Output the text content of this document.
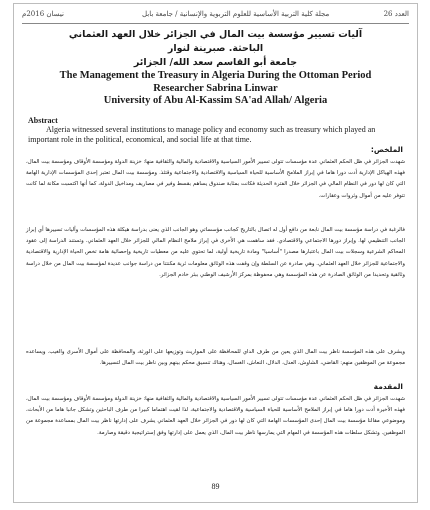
العدد 26
مجلة كلية التربية الأساسية للعلوم التربوية والإنسانية / جامعة بابل
نيسان 2016م
آليات تسيير مؤسسة بيت المال في الجزائر خلال العهد العثماني
الباحثة. صبرينة لنوار
جامعة أبو القاسم سعد الله/ الجزائر
The Management the Treasury in Algeria During the Ottoman Period
Researcher Sabrina Linwar
University of Abu Al-Kassim SA'ad Allah/ Algeria
Abstract
Algeria witnessed several institutions to manage policy and economy such as treasury which played an important role in the political, economical, and social life at that time.
الملخص:
شهدت الجزائر في ظل الحكم العثماني عدة مؤسسات تتولى تسيير الأمور السياسية والاقتصادية والمالية والثقافية منها: خزينة الدولة ومؤسسة الأوقاف ومؤسسة بيت المال، فهذه الهياكل الإدارية أدت دورا هاما في إبراز الملامح الأساسية للحياة السياسية والاقتصادية والاجتماعية وقتئذ. ومؤسسة بيت المال تعتبر إحدى المؤسسات الإدارية الهامة التي كان لها دور في النظام المالي في الجزائر خلال الفترة الحديثة فكانت بمثابة صندوق يساهم بقسط وفير في مصاريف ومداخيل الدولة، كما أنها اكتسبت مكانة لما كانت تتوفر عليه من أموال وثروات وعقارات.
فالرغبة في دراسة مؤسسة بيت المال نابعة من دافع أول له اتصال بالتاريخ كجانب مؤسساتي وهو الجانب الذي يعنى بدراسة هيكلة هذه المؤسسات وآليات تسييرها أي إبراز الجانب التنظيمي لها. وإبراز دورها الاجتماعي والاقتصادي. فقد ساهمت هي الأخرى في إبراز ملامح النظام المالي للجزائر خلال العهد العثماني. وتستند الدراسة إلى عقود المحاكم الشرعية وسجلات بيت المال باعتبارها مصدرا "أساسيا" ومادة تاريخية أولية، لما تحتوي عليه من معطيات تاريخية وإحصائية هامة تخص الحياة الإدارية والاقتصادية والاجتماعية للجزائر خلال العهد العثماني. وهي صادرة عن السلطة وإن وقفت هذه الوثائق معلومات ثرية مكنتنا من دراسة جوانب عديدة لمؤسسة بيت المال من خلال دراسة وثائقية وتحديدا من الوثائق الصادرة عن هذه المؤسسة وهي محفوظة بمركز الأرشيف الوطني ببئر خادم الجزائر.
ويشرف على هذه المؤسسة ناظر بيت المال الذي يعين من طرف الداي للمحافظة على المواريث وتوزيعها على الورثة، والمحافظة على أموال الأسرى والغيب. ويساعده مجموعة من الموظفين منهم: القاضي، الشاوش، العدل، الدلال، النعاش، الغسال، وهناك تنسيق محكم بينهم وبين ناظر بيت المال لتسييرها.
المقدمة
شهدت الجزائر في ظل الحكم العثماني عدة مؤسسات تتولى تسيير الأمور السياسية والاقتصادية والمالية والثقافية منها: خزينة الدولة ومؤسسة الأوقاف ومؤسسة بيت المال، فهذه الأخيرة أدت دورا هاما في إبراز الملامح الأساسية للحياة السياسية والاقتصادية والاجتماعية، لذا لقيت اهتماما كبيرا من طرف الباحثين وتشكل جانبا هاما من الأبحاث، وموضوعي مقالنا مؤسسة بيت المال إحدى المؤسسات الهامة التي كان لها دور في الجزائر خلال العهد العثماني يشرف على إدارتها ناظر بيت المال بمساعدة مجموعة من الموظفين. وتشكل سلطات هذه المؤسسة في المهام التي يمارسها ناظر بيت المال، الذي يعمل على إدارتها وفق إستراتيجية دقيقة وصارمة.
89
